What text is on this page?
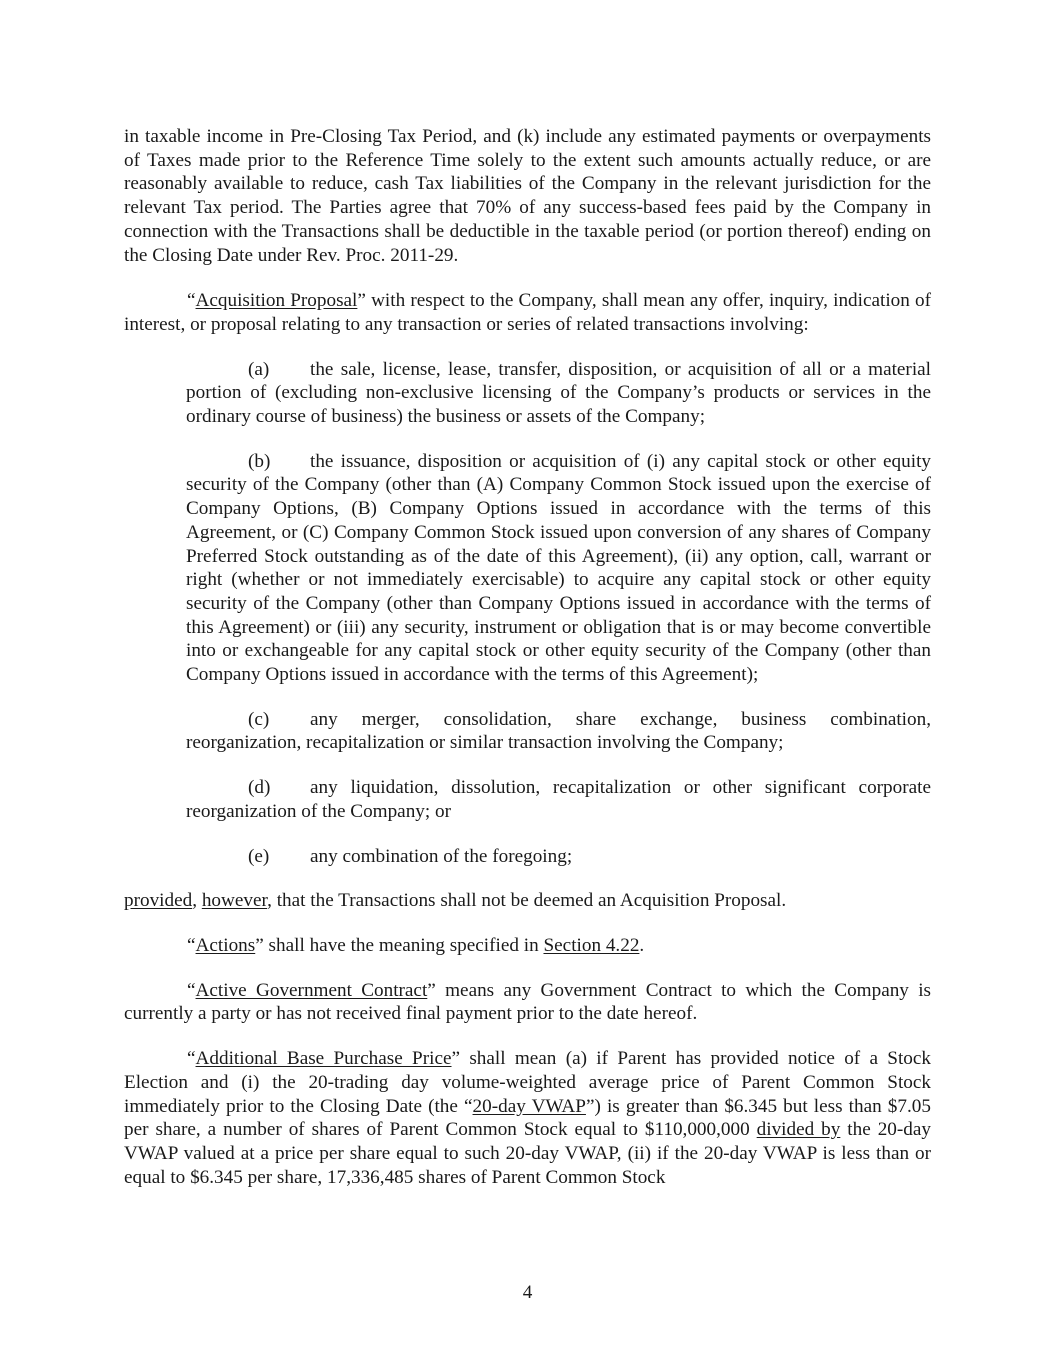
in taxable income in Pre-Closing Tax Period, and (k) include any estimated payments or overpayments of Taxes made prior to the Reference Time solely to the extent such amounts actually reduce, or are reasonably available to reduce, cash Tax liabilities of the Company in the relevant jurisdiction for the relevant Tax period. The Parties agree that 70% of any success-based fees paid by the Company in connection with the Transactions shall be deductible in the taxable period (or portion thereof) ending on the Closing Date under Rev. Proc. 2011-29.

“Acquisition Proposal” with respect to the Company, shall mean any offer, inquiry, indication of interest, or proposal relating to any transaction or series of related transactions involving:

(a) the sale, license, lease, transfer, disposition, or acquisition of all or a material portion of (excluding non-exclusive licensing of the Company’s products or services in the ordinary course of business) the business or assets of the Company;

(b) the issuance, disposition or acquisition of (i) any capital stock or other equity security of the Company (other than (A) Company Common Stock issued upon the exercise of Company Options, (B) Company Options issued in accordance with the terms of this Agreement, or (C) Company Common Stock issued upon conversion of any shares of Company Preferred Stock outstanding as of the date of this Agreement), (ii) any option, call, warrant or right (whether or not immediately exercisable) to acquire any capital stock or other equity security of the Company (other than Company Options issued in accordance with the terms of this Agreement) or (iii) any security, instrument or obligation that is or may become convertible into or exchangeable for any capital stock or other equity security of the Company (other than Company Options issued in accordance with the terms of this Agreement);

(c) any merger, consolidation, share exchange, business combination, reorganization, recapitalization or similar transaction involving the Company;

(d) any liquidation, dissolution, recapitalization or other significant corporate reorganization of the Company; or

(e) any combination of the foregoing;

provided, however, that the Transactions shall not be deemed an Acquisition Proposal.

“Actions” shall have the meaning specified in Section 4.22.

“Active Government Contract” means any Government Contract to which the Company is currently a party or has not received final payment prior to the date hereof.

“Additional Base Purchase Price” shall mean (a) if Parent has provided notice of a Stock Election and (i) the 20-trading day volume-weighted average price of Parent Common Stock immediately prior to the Closing Date (the “20-day VWAP”) is greater than $6.345 but less than $7.05 per share, a number of shares of Parent Common Stock equal to $110,000,000 divided by the 20-day VWAP valued at a price per share equal to such 20-day VWAP, (ii) if the 20-day VWAP is less than or equal to $6.345 per share, 17,336,485 shares of Parent Common Stock

4
